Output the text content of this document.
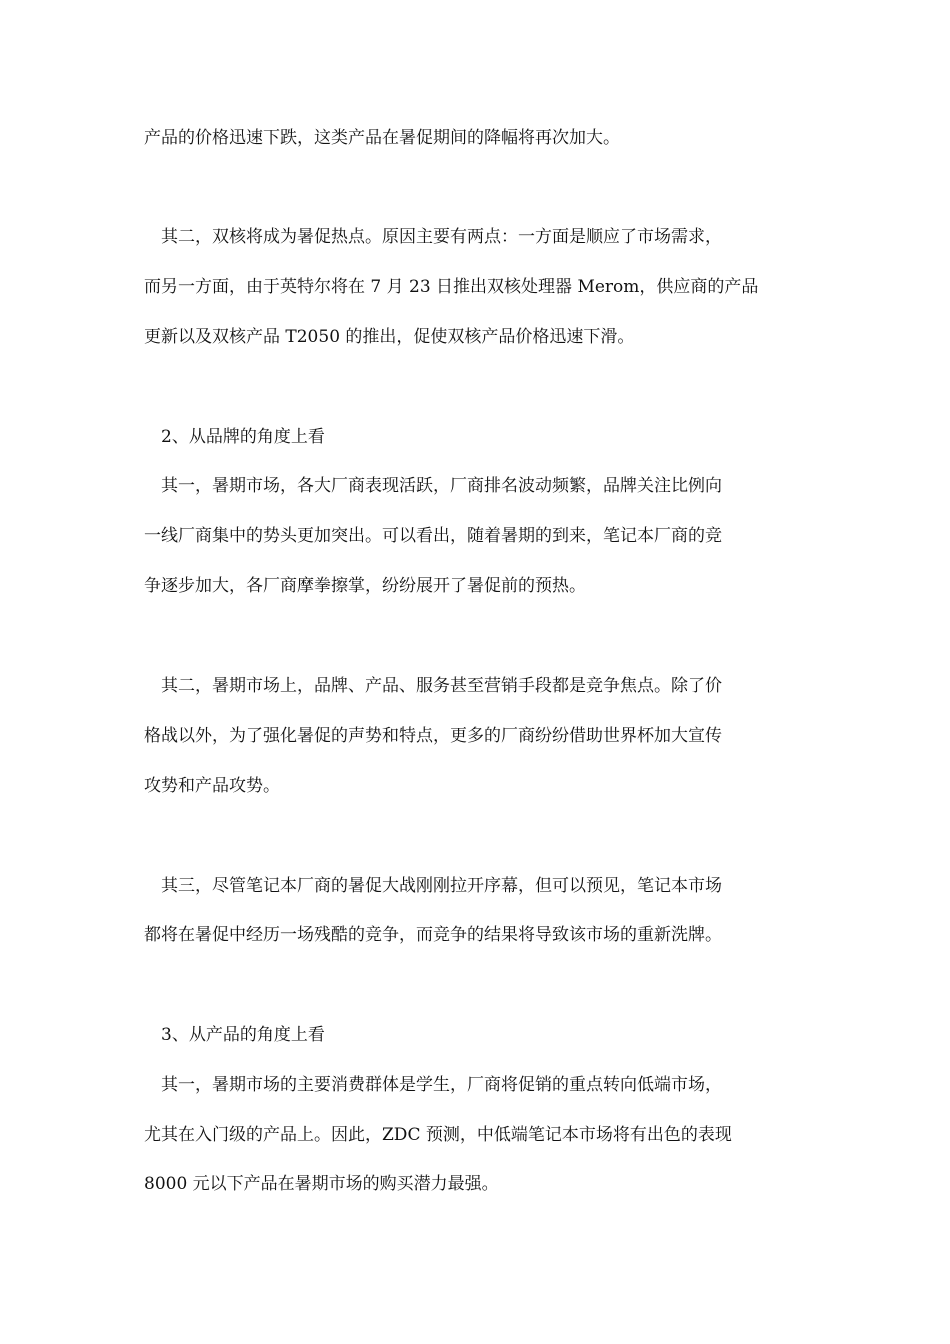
产品的价格迅速下跌，这类产品在暑促期间的降幅将再次加大。
　其二，双核将成为暑促热点。原因主要有两点：一方面是顺应了市场需求，
而另一方面，由于英特尔将在 7 月 23 日推出双核处理器 Merom，供应商的产品
更新以及双核产品 T2050 的推出，促使双核产品价格迅速下滑。
　2、从品牌的角度上看
　其一，暑期市场，各大厂商表现活跃，厂商排名波动频繁，品牌关注比例向
一线厂商集中的势头更加突出。可以看出，随着暑期的到来，笔记本厂商的竞
争逐步加大，各厂商摩拳擦掌，纷纷展开了暑促前的预热。
　其二，暑期市场上，品牌、产品、服务甚至营销手段都是竞争焦点。除了价
格战以外，为了强化暑促的声势和特点，更多的厂商纷纷借助世界杯加大宣传
攻势和产品攻势。
　其三，尽管笔记本厂商的暑促大战刚刚拉开序幕，但可以预见，笔记本市场
都将在暑促中经历一场残酷的竞争，而竞争的结果将导致该市场的重新洗牌。
　3、从产品的角度上看
　其一，暑期市场的主要消费群体是学生，厂商将促销的重点转向低端市场，
尤其在入门级的产品上。因此，ZDC 预测，中低端笔记本市场将有出色的表现
8000 元以下产品在暑期市场的购买潜力最强。
